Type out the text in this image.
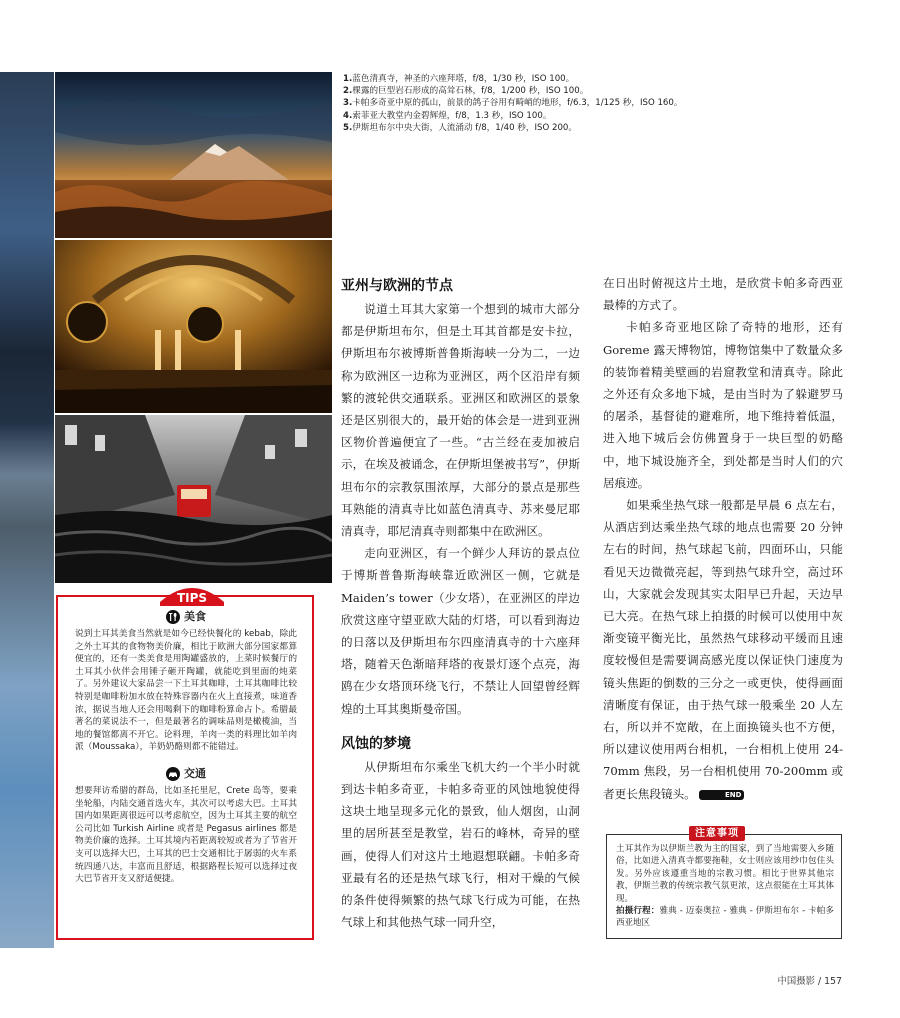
1.蓝色清真寺，神圣的六座拜塔，f/8，1/30 秒，ISO 100。
2.棵露的巨型岩石形成的高耸石林，f/8，1/200 秒，ISO 100。
3.卡帕多奇亚中原的孤山，前景的鸽子谷用有畸峭的地形，f/6.3，1/125 秒，ISO 160。
4.索菲亚大教堂内金碧辉煌，f/8，1.3 秒，ISO 100。
5.伊斯坦布尔中央大街，人流涌动 f/8，1/40 秒，ISO 200。
亚州与欧洲的节点

说道土耳其大家第一个想到的城市大部分都是伊斯坦布尔，但是土耳其首都是安卡拉，伊斯坦布尔被博斯普鲁斯海峡一分为二，一边称为欧洲区一边称为亚洲区，两个区沿岸有频繁的渡轮供交通联系。亚洲区和欧洲区的景象还是区别很大的，最开始的体会是一进到亚洲区物价普遍便宜了一些。“古兰经在麦加被启示，在埃及被诵念，在伊斯坦堡被书写”，伊斯坦布尔的宗教氛围浓厚，大部分的景点是那些耳熟能的清真寺比如蓝色清真寺、苏来曼尼耶清真寺，耶尼清真寺则都集中在欧洲区。

走向亚洲区，有一个鲜少人拜访的景点位于博斯普鲁斯海峡靠近欧洲区一侧，它就是 Maiden’s tower（少女塔），在亚洲区的岸边欣赏这座守望亚欧大陆的灯塔，可以看到海边的日落以及伊斯坦布尔四座清真寺的十六座拜塔，随着天色渐暗拜塔的夜景灯逐个点亮，海鸥在少女塔顶环绕飞行，不禁让人回望曾经辉煌的土耳其奥斯曼帝国。

风蚀的梦境

从伊斯坦布尔乘坐飞机大约一个半小时就到达卡帕多奇亚，卡帕多奇亚的风蚀地貌使得这块土地呈现多元化的景致，仙人烟囱，山洞里的居所甚至是教堂，岩石的峰林，奇异的壁画，使得人们对这片土地遐想联翩。卡帕多奇亚最有名的还是热气球飞行，相对干燥的气候的条件使得频繁的热气球飞行成为可能，在热气球上和其他热气球一同升空，

在日出时俯视这片土地，是欣赏卡帕多奇西亚最棒的方式了。

卡帕多奇亚地区除了奇特的地形，还有 Goreme 露天博物馆，博物馆集中了数量众多的装饰着精美壁画的岩窟教堂和清真寺。除此之外还有众多地下城，是由当时为了躲避罗马的屠杀，基督徒的避难所，地下维持着低温，进入地下城后会仿佛置身于一块巨型的奶酪中，地下城设施齐全，到处都是当时人们的穴居痕迹。

如果乘坐热气球一般都是早晨 6 点左右，从酒店到达乘坐热气球的地点也需要 20 分钟左右的时间，热气球起飞前，四面环山，只能看见天边微微亮起，等到热气球升空，高过环山，大家就会发现其实太阳早已升起，天边早已大亮。在热气球上拍摄的时候可以使用中灰渐变镜平衡光比，虽然热气球移动平缓而且速度较慢但是需要调高感光度以保证快门速度为镜头焦距的倒数的三分之一或更快，使得画面清晰度有保证，由于热气球一般乘坐 20 人左右，所以并不宽敞，在上面换镜头也不方便，所以建议使用两台相机，一台相机上使用 24-70mm 焦段，另一台相机使用 70-200mm 或者更长焦段镜头。	END

TIPS
美食
说到土耳其美食当然就是如今已经快餐化的 kebab，除此之外土耳其的食物物美价廉，相比于欧洲大部分国家都算便宜的，还有一类美食是用陶罐盛放的，上菜时候餐厅的土耳其小伙伴会用锤子砸开陶罐，就能吃到里面的炖菜了。另外建议大家品尝一下土耳其咖啡，土耳其咖啡比较特别是咖啡粉加水放在特殊容器内在火上直接煮，味道香浓，据说当地人还会用喝剩下的咖啡粉算命占卜。希腊最著名的菜说法不一，但是最著名的调味品则是橄榄油，当地的餐馆都离不开它。论料理，羊肉一类的料理比如羊肉派（Moussaka），羊奶奶酪则都不能错过。
交通
想要拜访希腊的群岛，比如圣托里尼，Crete 岛等，要乘坐轮船，内陆交通首选火车，其次可以考虑大巴。土耳其国内如果距离很远可以考虑航空，因为土耳其主要的航空公司比如 Turkish Airline 或者是 Pegasus airlines 都是物美价廉的选择。土耳其境内若距离较短或者为了节省开支可以选择大巴，土耳其的巴士交通相比于孱弱的火车系统四通八达，丰富而且舒适，根据路程长短可以选择过夜大巴节省开支又舒适便捷。
注意事项
土耳其作为以伊斯兰教为主的国家，到了当地需要入乡随俗，比如进入清真寺都要拖鞋，女士则应该用纱巾包住头发。另外应该遵重当地的宗教习惯。相比于世界其他宗教，伊斯兰教的传统宗教气氛更浓，这点很能在土耳其体现。
拍摄行程：雅典 - 迈泰奥拉 - 雅典 - 伊斯坦布尔 - 卡帕多西亚地区
中国摄影 / 157
